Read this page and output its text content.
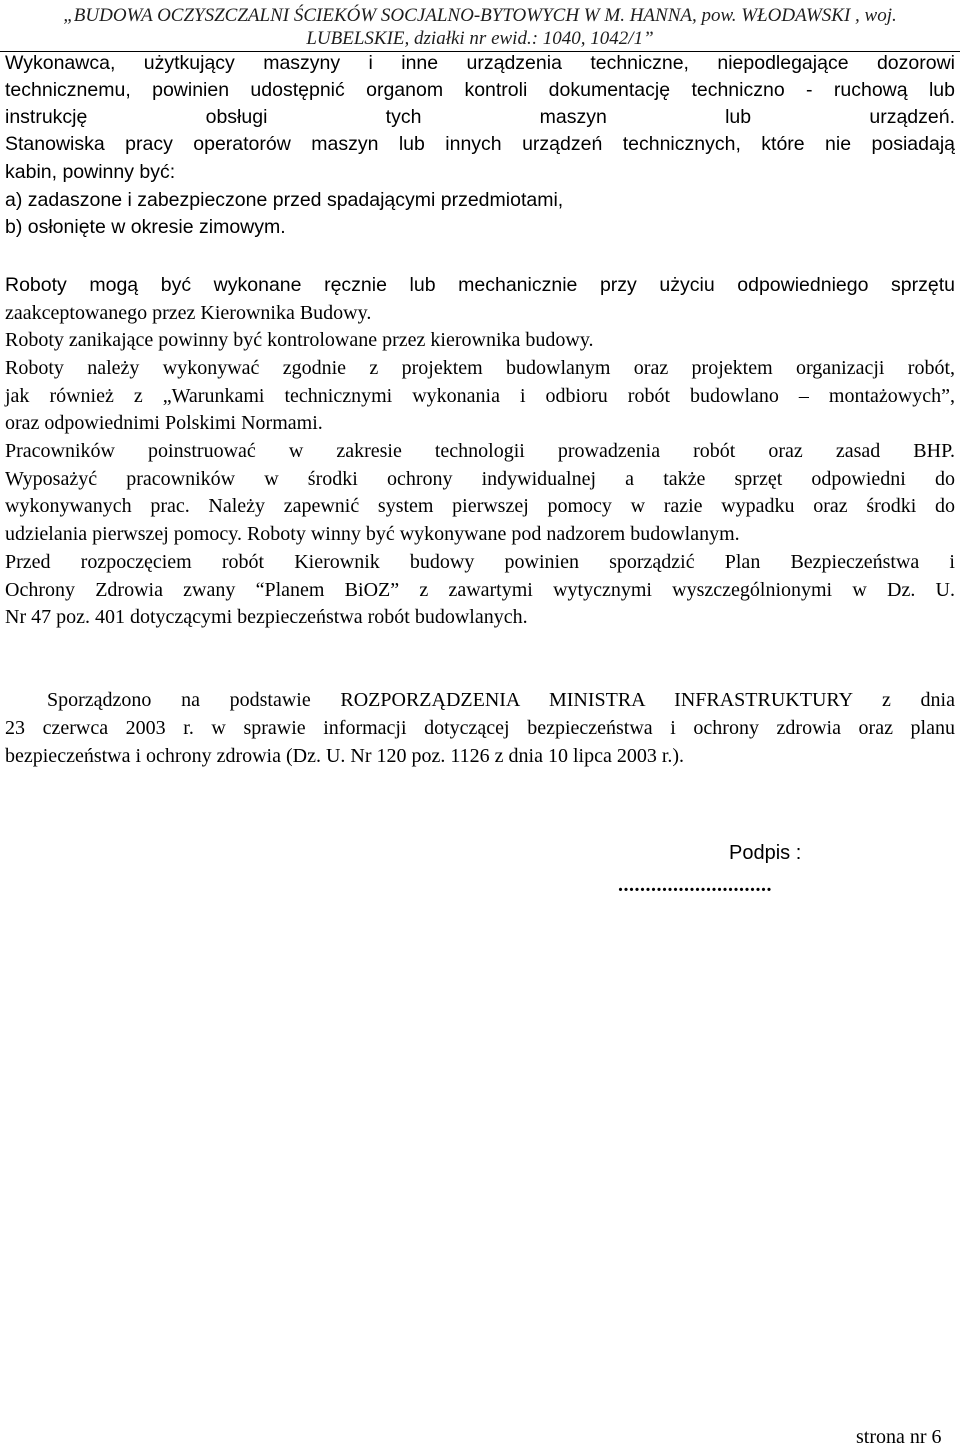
„BUDOWA OCZYSZCZALNI ŚCIEKÓW SOCJALNO-BYTOWYCH W M. HANNA, pow. WŁODAWSKI , woj.
LUBELSKIE, działki nr ewid.: 1040, 1042/1”
Wykonawca, użytkujący maszyny i inne urządzenia techniczne, niepodlegające dozorowi
technicznemu, powinien udostępnić organom kontroli dokumentację techniczno - ruchową lub
instrukcję obsługi tych maszyn lub urządzeń.
Stanowiska pracy operatorów maszyn lub innych urządzeń technicznych, które nie posiadają
kabin, powinny być:
a) zadaszone i zabezpieczone przed spadającymi przedmiotami,
b) osłonięte w okresie zimowym.
Roboty mogą być wykonane ręcznie lub mechanicznie przy użyciu odpowiedniego sprzętu
zaakceptowanego przez Kierownika Budowy.
Roboty zanikające powinny być kontrolowane przez kierownika budowy.
Roboty należy wykonywać zgodnie z projektem budowlanym oraz projektem organizacji robót,
jak również z „Warunkami technicznymi wykonania i odbioru robót budowlano – montażowych”,
oraz odpowiednimi Polskimi Normami.
Pracowników poinstruować w zakresie technologii prowadzenia robót oraz zasad BHP.
Wyposażyć pracowników w środki ochrony indywidualnej a także sprzęt odpowiedni do
wykonywanych prac. Należy zapewnić system pierwszej pomocy w razie wypadku oraz środki do
udzielania pierwszej pomocy. Roboty winny być wykonywane pod nadzorem budowlanym.
Przed rozpoczęciem robót Kierownik budowy powinien sporządzić Plan Bezpieczeństwa i
Ochrony Zdrowia zwany “Planem BiOZ” z zawartymi wytycznymi wyszczególnionymi w Dz. U.
Nr 47 poz. 401 dotyczącymi bezpieczeństwa robót budowlanych.
Sporządzono na podstawie ROZPORZĄDZENIA MINISTRA INFRASTRUKTURY z dnia
23 czerwca 2003 r. w sprawie informacji dotyczącej bezpieczeństwa i ochrony zdrowia oraz planu
bezpieczeństwa i ochrony zdrowia (Dz. U. Nr 120 poz. 1126 z dnia 10 lipca 2003 r.).
Podpis :
............................
strona nr 6
